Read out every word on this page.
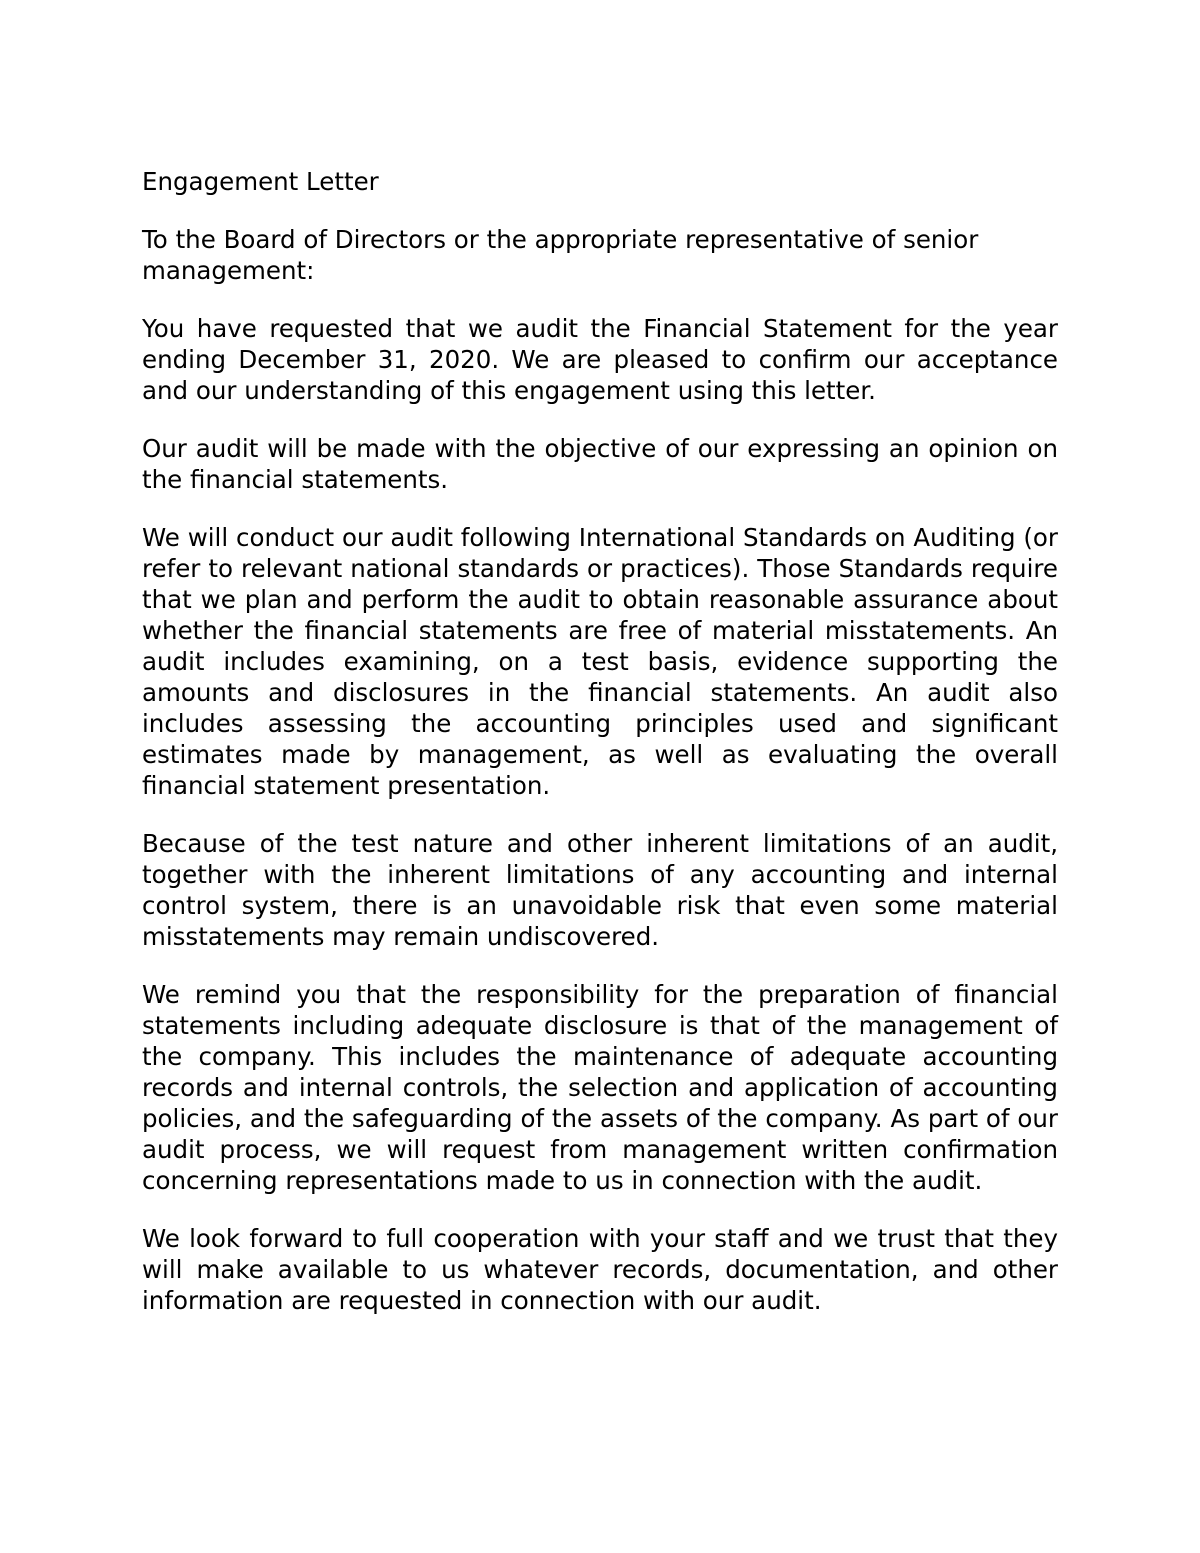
Engagement Letter

To the Board of Directors or the appropriate representative of senior management:

You have requested that we audit the Financial Statement for the year ending December 31, 2020. We are pleased to confirm our acceptance and our understanding of this engagement using this letter.

Our audit will be made with the objective of our expressing an opinion on the financial statements.

We will conduct our audit following International Standards on Auditing (or refer to relevant national standards or practices). Those Standards require that we plan and perform the audit to obtain reasonable assurance about whether the financial statements are free of material misstatements. An audit includes examining, on a test basis, evidence supporting the amounts and disclosures in the financial statements. An audit also includes assessing the accounting principles used and significant estimates made by management, as well as evaluating the overall financial statement presentation.

Because of the test nature and other inherent limitations of an audit, together with the inherent limitations of any accounting and internal control system, there is an unavoidable risk that even some material misstatements may remain undiscovered.

We remind you that the responsibility for the preparation of financial statements including adequate disclosure is that of the management of the company. This includes the maintenance of adequate accounting records and internal controls, the selection and application of accounting policies, and the safeguarding of the assets of the company. As part of our audit process, we will request from management written confirmation concerning representations made to us in connection with the audit.

We look forward to full cooperation with your staff and we trust that they will make available to us whatever records, documentation, and other information are requested in connection with our audit.
